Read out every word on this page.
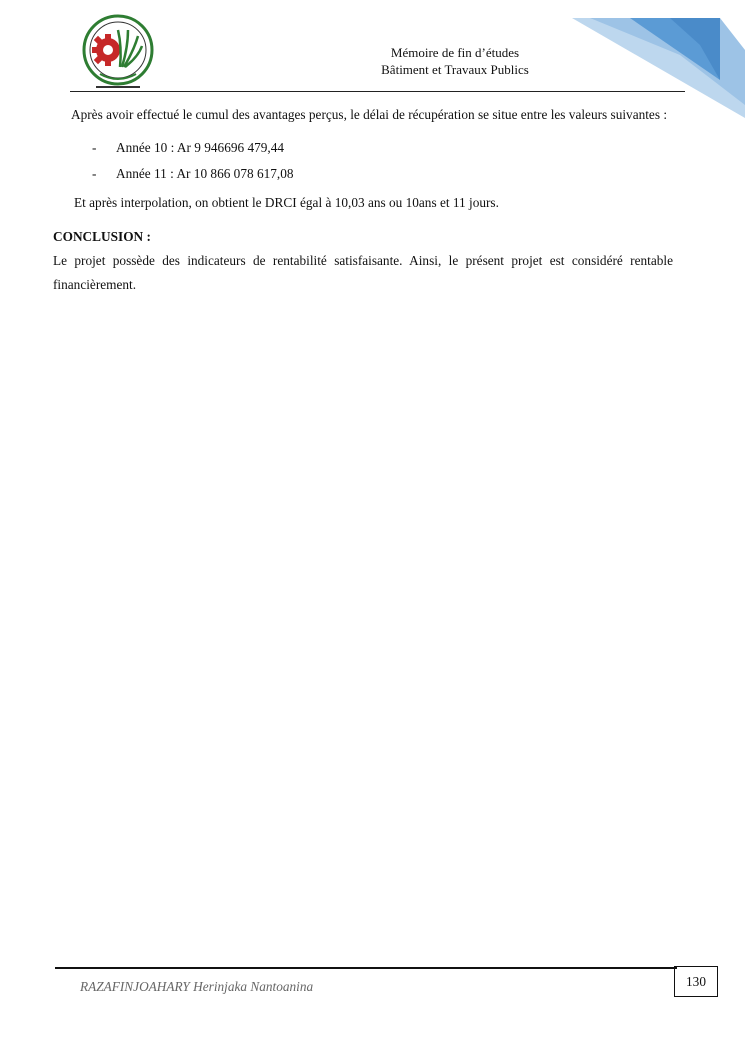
Mémoire de fin d’études
Bâtiment et Travaux Publics

Après avoir effectué le cumul des avantages perçus, le délai de récupération se situe entre les valeurs suivantes :

- Année 10 : Ar 9 946696 479,44
- Année 11 : Ar 10 866 078 617,08

Et après interpolation, on obtient le DRCI égal à 10,03 ans ou 10ans et 11 jours.

CONCLUSION :

Le projet possède des indicateurs de rentabilité satisfaisante. Ainsi, le présent projet est considéré rentable financièrement.

RAZAFINJOAHARY Herinjaka Nantoanina	130
